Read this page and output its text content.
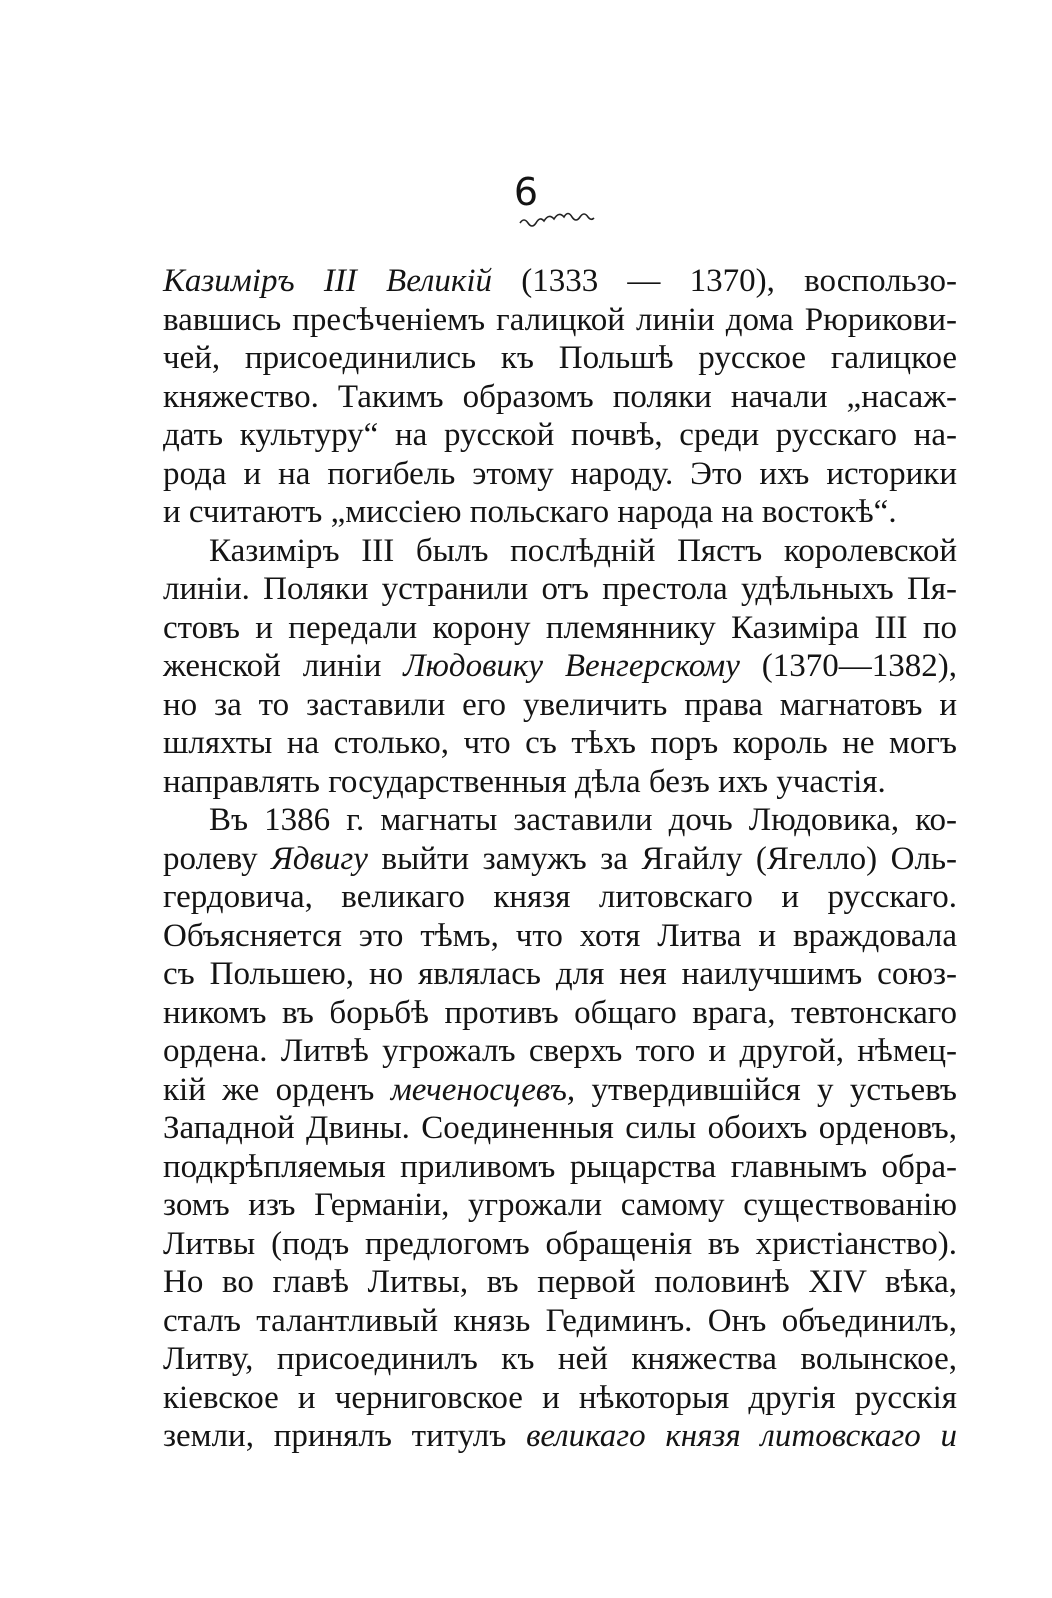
6
Казиміръ III Великій (1333 — 1370), воспользо-
вавшись пресѣченіемъ галицкой линіи дома Рюрикови-
чей, присоединились къ Польшѣ русское галицкое
княжество. Такимъ образомъ поляки начали „насаж-
дать культуру“ на русской почвѣ, среди русскаго на-
рода и на погибель этому народу. Это ихъ историки
и считаютъ „миссіею польскаго народа на востокѣ“.
Казиміръ III былъ послѣдній Пястъ королевской
линіи. Поляки устранили отъ престола удѣльныхъ Пя-
стовъ и передали корону племяннику Казиміра III по
женской линіи Людовику Венгерскому (1370—1382),
но за то заставили его увеличить права магнатовъ и
шляхты на столько, что съ тѣхъ поръ король не могъ
направлять государственныя дѣла безъ ихъ участія.
Въ 1386 г. магнаты заставили дочь Людовика, ко-
ролеву Ядвигу выйти замужъ за Ягайлу (Ягелло) Оль-
гердовича, великаго князя литовскаго и русскаго.
Объясняется это тѣмъ, что хотя Литва и враждовала
съ Польшею, но являлась для нея наилучшимъ союз-
никомъ въ борьбѣ противъ общаго врага, тевтонскаго
ордена. Литвѣ угрожалъ сверхъ того и другой, нѣмец-
кій же орденъ меченосцевъ, утвердившійся у устьевъ
Западной Двины. Соединенныя силы обоихъ орденовъ,
подкрѣпляемыя приливомъ рыцарства главнымъ обра-
зомъ изъ Германіи, угрожали самому существованію
Литвы (подъ предлогомъ обращенія въ христіанство).
Но во главѣ Литвы, въ первой половинѣ XIV вѣка,
сталъ талантливый князь Гедиминъ. Онъ объединилъ,
Литву, присоединилъ къ ней княжества волынское,
кіевское и черниговское и нѣкоторыя другія русскія
земли, принялъ титулъ великаго князя литовскаго и
